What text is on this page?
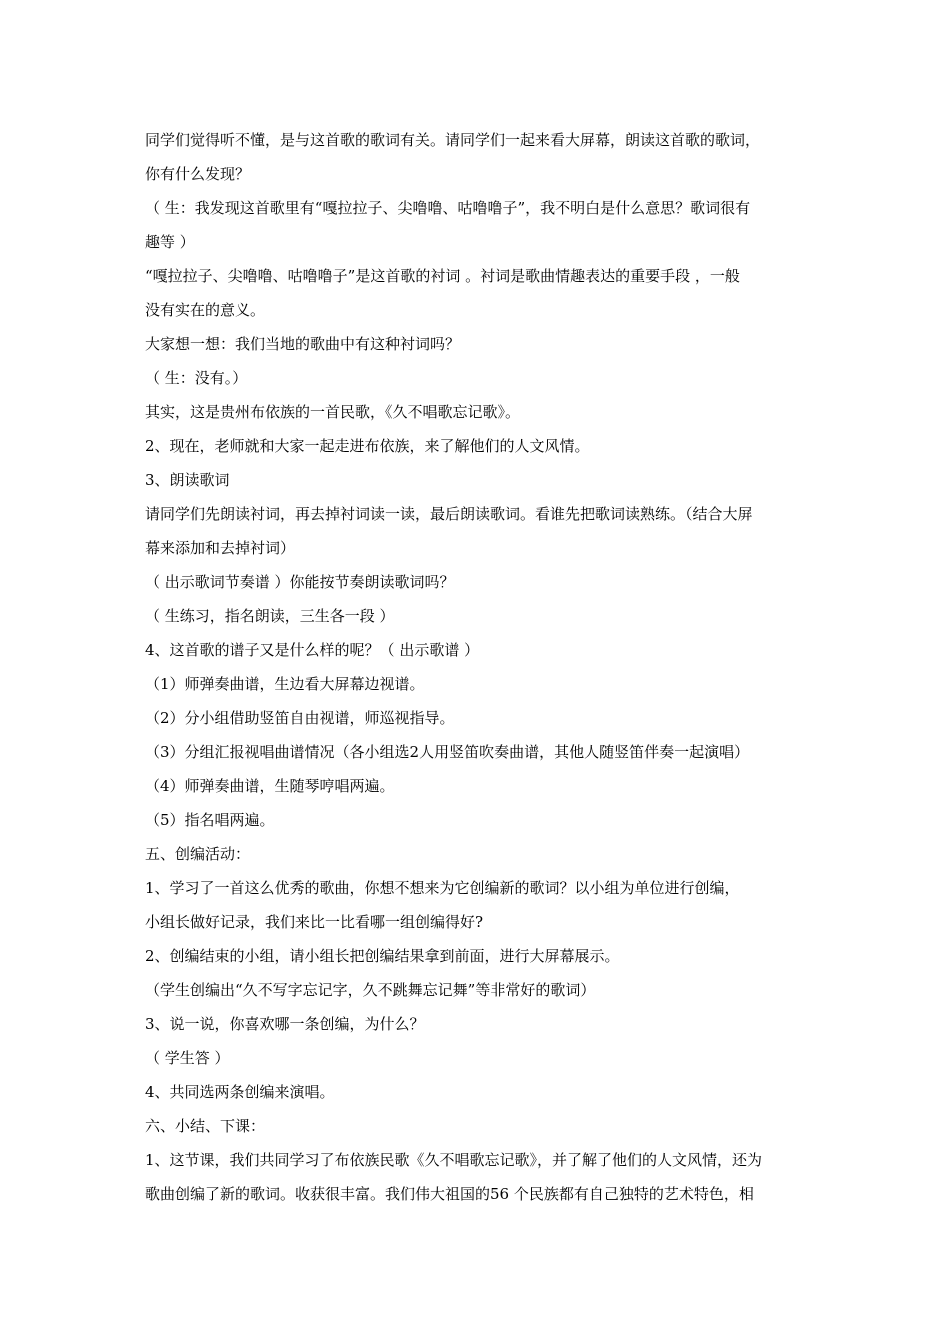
同学们觉得听不懂，是与这首歌的歌词有关。请同学们一起来看大屏幕，朗读这首歌的歌词，
你有什么发现？
（ 生：我发现这首歌里有“嘎拉拉子、尖噜噜、咕噜噜子”，我不明白是什么意思？歌词很有
趣等 ）
“嘎拉拉子、尖噜噜、咕噜噜子”是这首歌的衬词 。衬词是歌曲情趣表达的重要手段 ，一般
没有实在的意义。
大家想一想：我们当地的歌曲中有这种衬词吗？
（ 生：没有。）
其实，这是贵州布依族的一首民歌，《久不唱歌忘记歌》。
2、现在，老师就和大家一起走进布依族，来了解他们的人文风情。
3、朗读歌词
请同学们先朗读衬词，再去掉衬词读一读，最后朗读歌词。看谁先把歌词读熟练。（结合大屏
幕来添加和去掉衬词）
（ 出示歌词节奏谱 ）你能按节奏朗读歌词吗？
（ 生练习，指名朗读，三生各一段 ）
4、这首歌的谱子又是什么样的呢？（ 出示歌谱 ）
（1）师弹奏曲谱，生边看大屏幕边视谱。
（2）分小组借助竖笛自由视谱，师巡视指导。
（3）分组汇报视唱曲谱情况（各小组选2人用竖笛吹奏曲谱，其他人随竖笛伴奏一起演唱）
（4）师弹奏曲谱，生随琴哼唱两遍。
（5）指名唱两遍。
五、创编活动：
1、学习了一首这么优秀的歌曲，你想不想来为它创编新的歌词？以小组为单位进行创编，
小组长做好记录，我们来比一比看哪一组创编得好?
2、创编结束的小组，请小组长把创编结果拿到前面，进行大屏幕展示。
（学生创编出“久不写字忘记字，久不跳舞忘记舞”等非常好的歌词）
3、说一说，你喜欢哪一条创编，为什么？
（ 学生答 ）
4、共同选两条创编来演唱。
六、小结、下课：
1、这节课，我们共同学习了布依族民歌《久不唱歌忘记歌》，并了解了他们的人文风情，还为
歌曲创编了新的歌词。收获很丰富。我们伟大祖国的56 个民族都有自己独特的艺术特色，相
